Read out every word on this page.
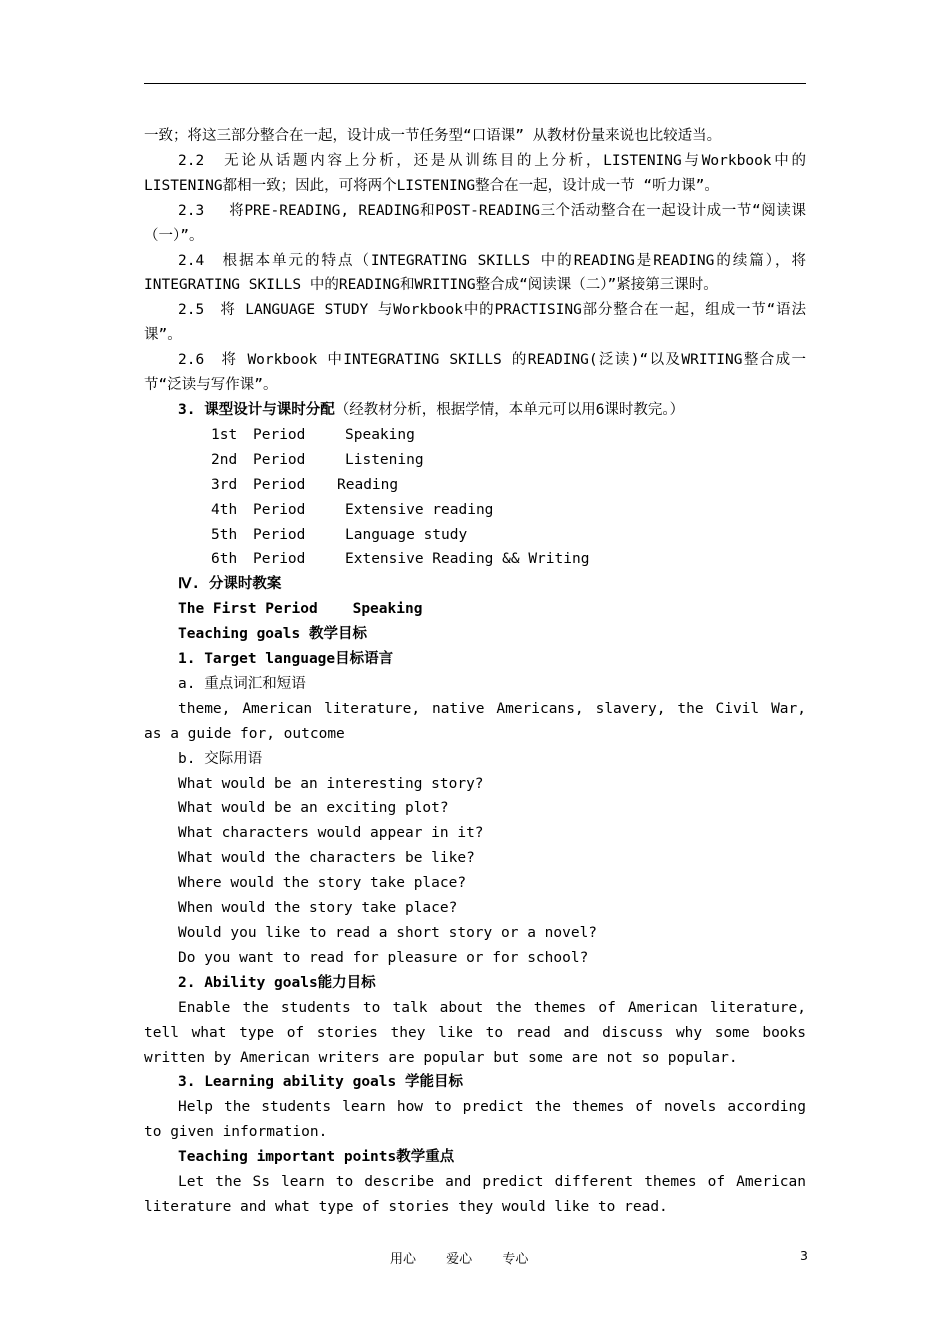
一致；将这三部分整合在一起，设计成一节任务型“口语课” 从教材份量来说也比较适当。

2.2　无论从话题内容上分析，还是从训练目的上分析，LISTENING与Workbook中的LISTENING都相一致；因此，可将两个LISTENING整合在一起，设计成一节 “听力课”。

2.3　 将PRE-READING, READING和POST-READING三个活动整合在一起设计成一节“阅读课（一）”。

2.4　根据本单元的特点（INTEGRATING SKILLS 中的READING是READING的续篇），将INTEGRATING SKILLS 中的READING和WRITING整合成“阅读课（二）”紧接第三课时。

2.5　将 LANGUAGE STUDY 与Workbook中的PRACTISING部分整合在一起，组成一节“语法课”。

2.6　将 Workbook 中INTEGRATING SKILLS 的READING(泛读)“以及WRITING整合成一节“泛读与写作课”。

3. 课型设计与课时分配（经教材分析，根据学情，本单元可以用6课时教完。）

1st Period	Speaking

2nd Period	Listening

3rd Period Reading

4th Period	Extensive reading

5th Period	Language study

6th Period	Extensive Reading && Writing

Ⅳ. 分课时教案

The First Period    Speaking

Teaching goals 教学目标

1. Target language目标语言

a. 重点词汇和短语

theme, American literature, native Americans, slavery, the Civil War, as a guide for, outcome

b. 交际用语

What would be an interesting story?

What would be an exciting plot?

What characters would appear in it?

What would the characters be like?

Where would the story take place?

When would the story take place?

Would you like to read a short story or a novel?

Do you want to read for pleasure or for school?

2. Ability goals能力目标

Enable the students to talk about the themes of American literature, tell what type of stories they like to read and discuss why some books written by American writers are popular but some are not so popular.

3. Learning ability goals 学能目标

Help the students learn how to predict the themes of novels according to given information.

Teaching important points教学重点

Let the Ss learn to describe and predict different themes of American literature and what type of stories they would like to read.

用心 爱心 专心	3
